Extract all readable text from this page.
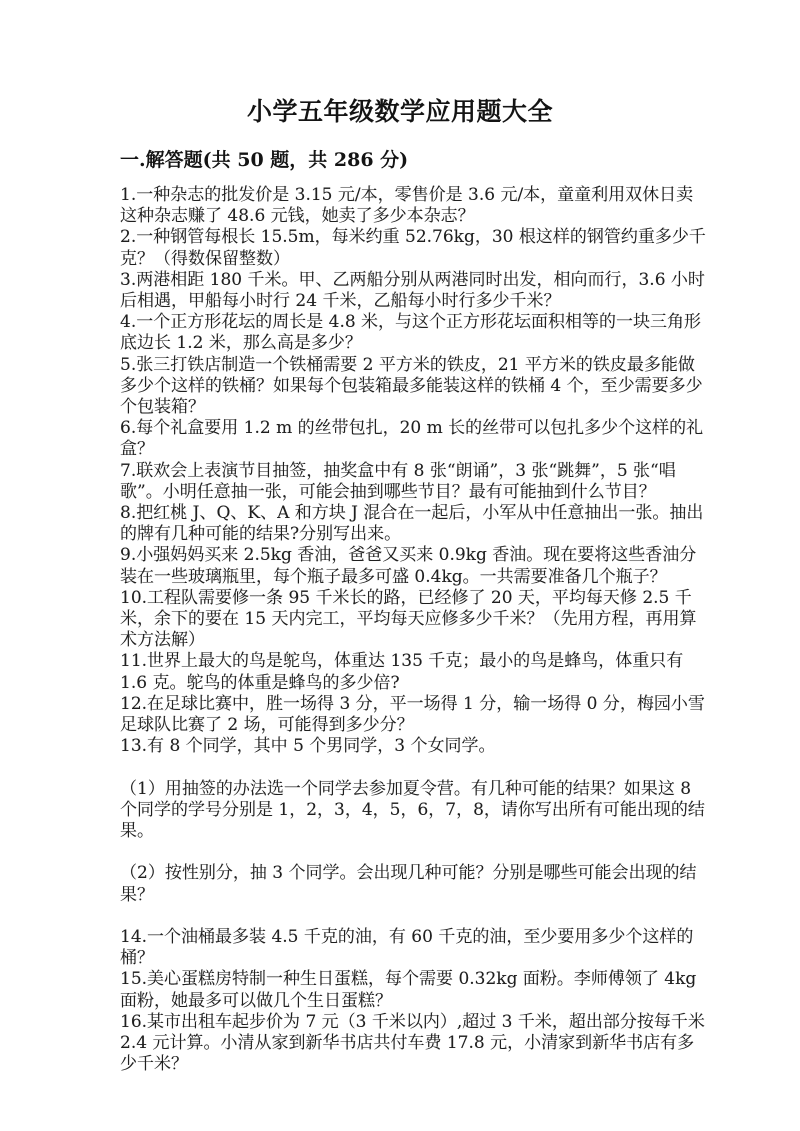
小学五年级数学应用题大全
一.解答题(共 50 题，共 286 分)

1.一种杂志的批发价是 3.15 元/本，零售价是 3.6 元/本，童童利用双休日卖这种杂志赚了 48.6 元钱，她卖了多少本杂志？

2.一种钢管每根长 15.5m，每米约重 52.76kg，30 根这样的钢管约重多少千克？（得数保留整数）

3.两港相距 180 千米。甲、乙两船分别从两港同时出发，相向而行，3.6 小时后相遇，甲船每小时行 24 千米，乙船每小时行多少千米？

4.一个正方形花坛的周长是 4.8 米，与这个正方形花坛面积相等的一块三角形底边长 1.2 米，那么高是多少？

5.张三打铁店制造一个铁桶需要 2 平方米的铁皮，21 平方米的铁皮最多能做多少个这样的铁桶？如果每个包装箱最多能装这样的铁桶 4 个，至少需要多少个包装箱？

6.每个礼盒要用 1.2 m 的丝带包扎，20 m 长的丝带可以包扎多少个这样的礼盒？

7.联欢会上表演节目抽签，抽奖盒中有 8 张“朗诵”，3 张“跳舞”，5 张“唱歌”。小明任意抽一张，可能会抽到哪些节目？最有可能抽到什么节目？

8.把红桃 J、Q、K、A 和方块 J 混合在一起后，小军从中任意抽出一张。抽出的牌有几种可能的结果?分别写出来。

9.小强妈妈买来 2.5kg 香油，爸爸又买来 0.9kg 香油。现在要将这些香油分装在一些玻璃瓶里，每个瓶子最多可盛 0.4kg。一共需要准备几个瓶子？

10.工程队需要修一条 95 千米长的路，已经修了 20 天，平均每天修 2.5 千米，余下的要在 15 天内完工，平均每天应修多少千米？（先用方程，再用算术方法解）

11.世界上最大的鸟是鸵鸟，体重达 135 千克；最小的鸟是蜂鸟，体重只有 1.6 克。鸵鸟的体重是蜂鸟的多少倍?

12.在足球比赛中，胜一场得 3 分，平一场得 1 分，输一场得 0 分，梅园小雪足球队比赛了 2 场，可能得到多少分？

13.有 8 个同学，其中 5 个男同学，3 个女同学。

（1）用抽签的办法选一个同学去参加夏令营。有几种可能的结果？如果这 8 个同学的学号分别是 1，2，3，4，5，6，7，8，请你写出所有可能出现的结果。

（2）按性别分，抽 3 个同学。会出现几种可能？分别是哪些可能会出现的结果？

14.一个油桶最多装 4.5 千克的油，有 60 千克的油，至少要用多少个这样的桶？

15.美心蛋糕房特制一种生日蛋糕，每个需要 0.32kg 面粉。李师傅领了 4kg 面粉，她最多可以做几个生日蛋糕？

16.某市出租车起步价为 7 元（3 千米以内）,超过 3 千米，超出部分按每千米 2.4 元计算。小清从家到新华书店共付车费 17.8 元，小清家到新华书店有多少千米？
